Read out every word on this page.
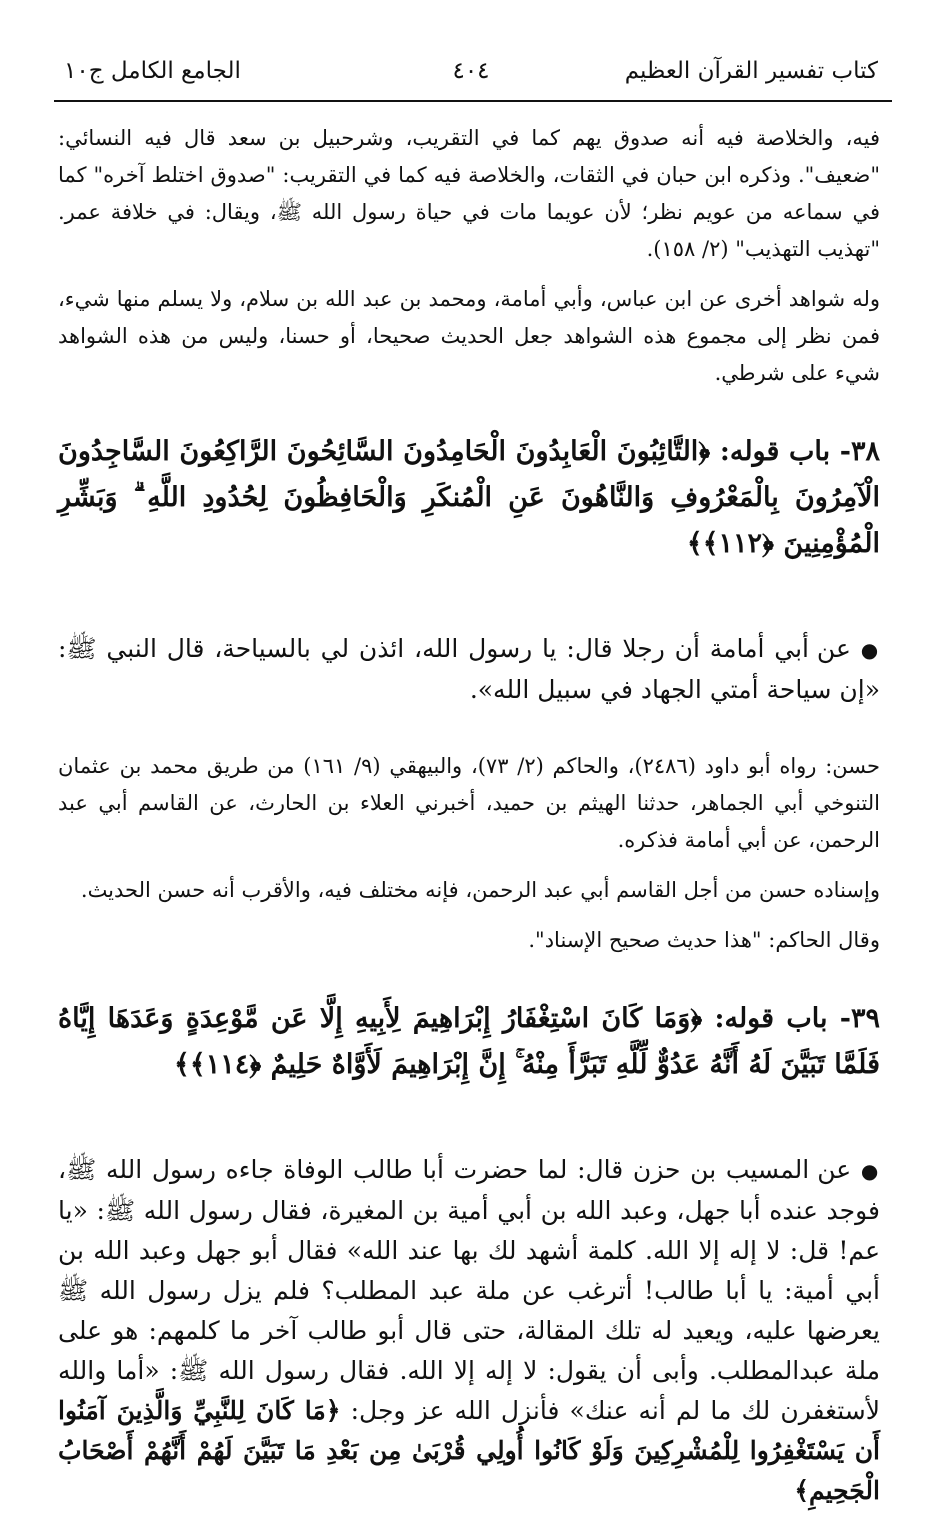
كتاب تفسير القرآن العظيم
٤٠٤
الجامع الكامل ج١٠

فيه، والخلاصة فيه أنه صدوق يهم كما في التقريب، وشرحبيل بن سعد قال فيه النسائي: "ضعيف". وذكره ابن حبان في الثقات، والخلاصة فيه كما في التقريب: "صدوق اختلط آخره" كما في سماعه من عويم نظر؛ لأن عويما مات في حياة رسول الله ﷺ، ويقال: في خلافة عمر. "تهذيب التهذيب" (٢/ ١٥٨).

وله شواهد أخرى عن ابن عباس، وأبي أمامة، ومحمد بن عبد الله بن سلام، ولا يسلم منها شيء، فمن نظر إلى مجموع هذه الشواهد جعل الحديث صحيحا، أو حسنا، وليس من هذه الشواهد شيء على شرطي.

٣٨- باب قوله: ﴿التَّائِبُونَ الْعَابِدُونَ الْحَامِدُونَ السَّائِحُونَ الرَّاكِعُونَ السَّاجِدُونَ الْآمِرُونَ بِالْمَعْرُوفِ وَالنَّاهُونَ عَنِ الْمُنكَرِ وَالْحَافِظُونَ لِحُدُودِ اللَّهِ ۗ وَبَشِّرِ الْمُؤْمِنِينَ ﴿١١٢﴾﴾

● عن أبي أمامة أن رجلا قال: يا رسول الله، ائذن لي بالسياحة، قال النبي ﷺ: «إن سياحة أمتي الجهاد في سبيل الله».

حسن: رواه أبو داود (٢٤٨٦)، والحاكم (٢/ ٧٣)، والبيهقي (٩/ ١٦١) من طريق محمد بن عثمان التنوخي أبي الجماهر، حدثنا الهيثم بن حميد، أخبرني العلاء بن الحارث، عن القاسم أبي عبد الرحمن، عن أبي أمامة فذكره.

وإسناده حسن من أجل القاسم أبي عبد الرحمن، فإنه مختلف فيه، والأقرب أنه حسن الحديث.

وقال الحاكم: "هذا حديث صحيح الإسناد".

٣٩- باب قوله: ﴿وَمَا كَانَ اسْتِغْفَارُ إِبْرَاهِيمَ لِأَبِيهِ إِلَّا عَن مَّوْعِدَةٍ وَعَدَهَا إِيَّاهُ فَلَمَّا تَبَيَّنَ لَهُ أَنَّهُ عَدُوٌّ لِّلَّهِ تَبَرَّأَ مِنْهُ ۚ إِنَّ إِبْرَاهِيمَ لَأَوَّاهٌ حَلِيمٌ ﴿١١٤﴾﴾

● عن المسيب بن حزن قال: لما حضرت أبا طالب الوفاة جاءه رسول الله ﷺ، فوجد عنده أبا جهل، وعبد الله بن أبي أمية بن المغيرة، فقال رسول الله ﷺ: «يا عم! قل: لا إله إلا الله. كلمة أشهد لك بها عند الله» فقال أبو جهل وعبد الله بن أبي أمية: يا أبا طالب! أترغب عن ملة عبد المطلب؟ فلم يزل رسول الله ﷺ يعرضها عليه، ويعيد له تلك المقالة، حتى قال أبو طالب آخر ما كلمهم: هو على ملة عبدالمطلب. وأبى أن يقول: لا إله إلا الله. فقال رسول الله ﷺ: «أما والله لأستغفرن لك ما لم أنه عنك» فأنزل الله عز وجل: ﴿مَا كَانَ لِلنَّبِيِّ وَالَّذِينَ آمَنُوا أَن يَسْتَغْفِرُوا لِلْمُشْرِكِينَ وَلَوْ كَانُوا أُولِي قُرْبَىٰ مِن بَعْدِ مَا تَبَيَّنَ لَهُمْ أَنَّهُمْ أَصْحَابُ الْجَحِيمِ﴾
